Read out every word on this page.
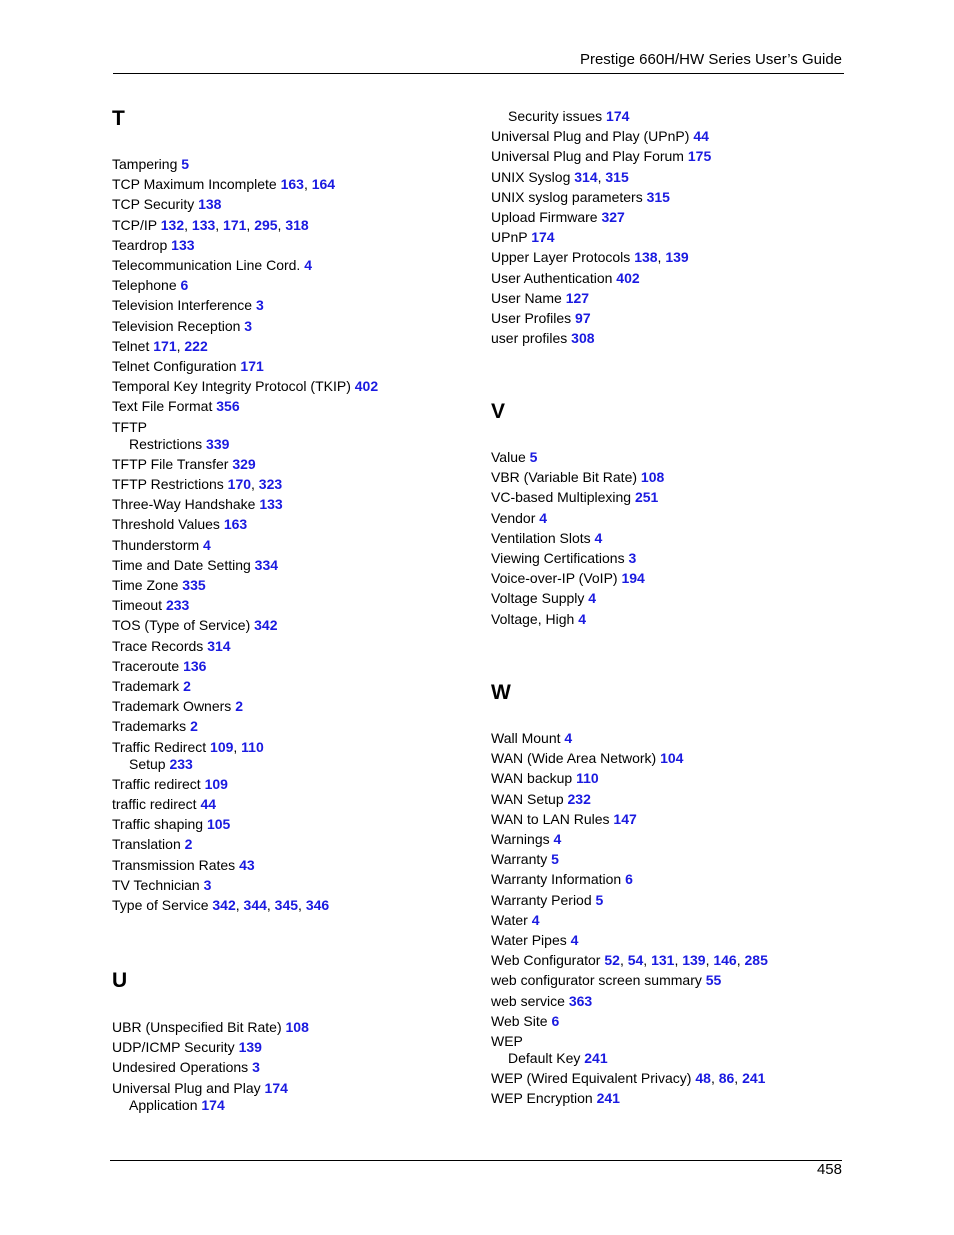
Prestige 660H/HW Series User’s Guide
T
Tampering 5
TCP Maximum Incomplete 163, 164
TCP Security 138
TCP/IP 132, 133, 171, 295, 318
Teardrop 133
Telecommunication Line Cord. 4
Telephone 6
Television Interference 3
Television Reception 3
Telnet 171, 222
Telnet Configuration 171
Temporal Key Integrity Protocol (TKIP) 402
Text File Format 356
TFTP
Restrictions 339
TFTP File Transfer 329
TFTP Restrictions 170, 323
Three-Way Handshake 133
Threshold Values 163
Thunderstorm 4
Time and Date Setting 334
Time Zone 335
Timeout 233
TOS (Type of Service) 342
Trace Records 314
Traceroute 136
Trademark 2
Trademark Owners 2
Trademarks 2
Traffic Redirect 109, 110
Setup 233
Traffic redirect 109
traffic redirect 44
Traffic shaping 105
Translation 2
Transmission Rates 43
TV Technician 3
Type of Service 342, 344, 345, 346
U
UBR (Unspecified Bit Rate) 108
UDP/ICMP Security 139
Undesired Operations 3
Universal Plug and Play 174
Application 174
Security issues 174
Universal Plug and Play (UPnP) 44
Universal Plug and Play Forum 175
UNIX Syslog 314, 315
UNIX syslog parameters 315
Upload Firmware 327
UPnP 174
Upper Layer Protocols 138, 139
User Authentication 402
User Name 127
User Profiles 97
user profiles 308
V
Value 5
VBR (Variable Bit Rate) 108
VC-based Multiplexing 251
Vendor 4
Ventilation Slots 4
Viewing Certifications 3
Voice-over-IP (VoIP) 194
Voltage Supply 4
Voltage, High 4
W
Wall Mount 4
WAN (Wide Area Network) 104
WAN backup 110
WAN Setup 232
WAN to LAN Rules 147
Warnings 4
Warranty 5
Warranty Information 6
Warranty Period 5
Water 4
Water Pipes 4
Web Configurator 52, 54, 131, 139, 146, 285
web configurator screen summary 55
web service 363
Web Site 6
WEP
Default Key 241
WEP (Wired Equivalent Privacy) 48, 86, 241
WEP Encryption 241
458
